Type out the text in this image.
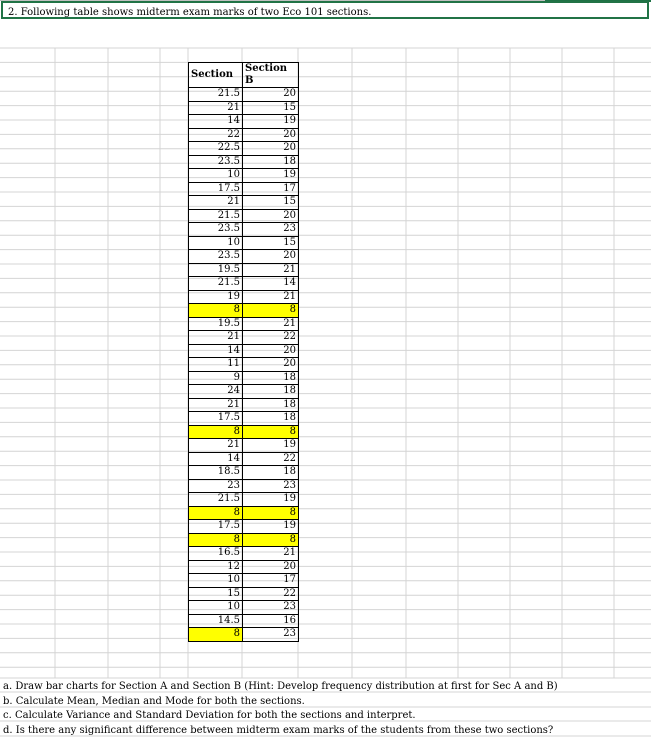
2. Following table shows midterm exam marks of two Eco 101 sections.
Section	Section B
21.5	20
21	15
14	19
22	20
22.5	20
23.5	18
10	19
17.5	17
21	15
21.5	20
23.5	23
10	15
23.5	20
19.5	21
21.5	14
19	21
8	8
19.5	21
21	22
14	20
11	20
9	18
24	18
21	18
17.5	18
8	8
21	19
14	22
18.5	18
23	23
21.5	19
8	8
17.5	19
8	8
16.5	21
12	20
10	17
15	22
10	23
14.5	16
8	23
a. Draw bar charts for Section A and Section B (Hint: Develop frequency distribution at first for Sec A and B)
b. Calculate Mean, Median and Mode for both the sections.
c. Calculate Variance and Standard Deviation for both the sections and interpret.
d. Is there any significant difference between midterm exam marks of the students from these two sections?
